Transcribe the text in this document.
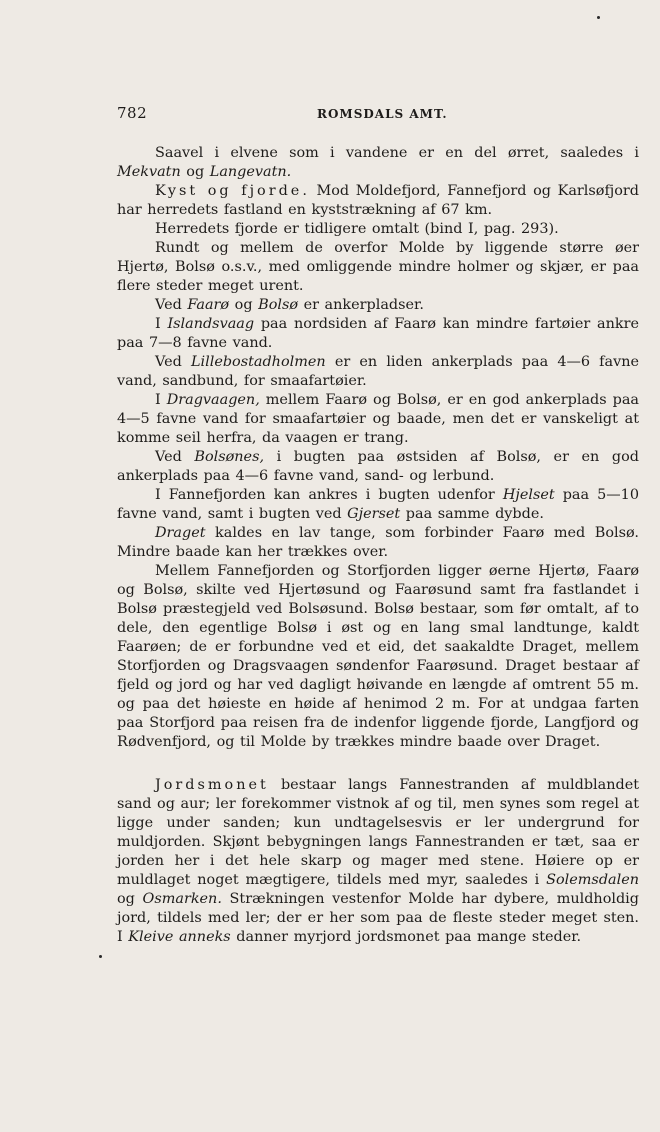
782	ROMSDALS AMT.

Saavel i elvene som i vandene er en del ørret, saaledes i Mekvatn og Langevatn.

Kyst og fjorde. Mod Moldefjord, Fannefjord og Karlsøfjord har herredets fastland en kyststrækning af 67 km.

Herredets fjorde er tidligere omtalt (bind I, pag. 293).

Rundt og mellem de overfor Molde by liggende større øer Hjertø, Bolsø o.s.v., med omliggende mindre holmer og skjær, er paa flere steder meget urent.

Ved Faarø og Bolsø er ankerpladser.

I Islandsvaag paa nordsiden af Faarø kan mindre fartøier ankre paa 7—8 favne vand.

Ved Lillebostadholmen er en liden ankerplads paa 4—6 favne vand, sandbund, for smaafartøier.

I Dragvaagen, mellem Faarø og Bolsø, er en god ankerplads paa 4—5 favne vand for smaafartøier og baade, men det er vanskeligt at komme seil herfra, da vaagen er trang.

Ved Bolsønes, i bugten paa østsiden af Bolsø, er en god ankerplads paa 4—6 favne vand, sand- og lerbund.

I Fannefjorden kan ankres i bugten udenfor Hjelset paa 5—10 favne vand, samt i bugten ved Gjerset paa samme dybde.

Draget kaldes en lav tange, som forbinder Faarø med Bolsø. Mindre baade kan her trækkes over.

Mellem Fannefjorden og Storfjorden ligger øerne Hjertø, Faarø og Bolsø, skilte ved Hjertøsund og Faarøsund samt fra fastlandet i Bolsø præstegjeld ved Bolsøsund. Bolsø bestaar, som før omtalt, af to dele, den egentlige Bolsø i øst og en lang smal landtunge, kaldt Faarøen; de er forbundne ved et eid, det saakaldte Draget, mellem Storfjorden og Dragsvaagen søndenfor Faarøsund. Draget bestaar af fjeld og jord og har ved dagligt høivande en længde af omtrent 55 m. og paa det høieste en høide af henimod 2 m. For at undgaa farten paa Storfjord paa reisen fra de indenfor liggende fjorde, Langfjord og Rødvenfjord, og til Molde by trækkes mindre baade over Draget.

Jordsmonet bestaar langs Fannestranden af muldblandet sand og aur; ler forekommer vistnok af og til, men synes som regel at ligge under sanden; kun undtagelsesvis er ler undergrund for muldjorden. Skjønt bebygningen langs Fannestranden er tæt, saa er jorden her i det hele skarp og mager med stene. Høiere op er muldlaget noget mægtigere, tildels med myr, saaledes i Solemsdalen og Osmarken. Strækningen vestenfor Molde har dybere, muldholdig jord, tildels med ler; der er her som paa de fleste steder meget sten. I Kleive anneks danner myrjord jordsmonet paa mange steder.
